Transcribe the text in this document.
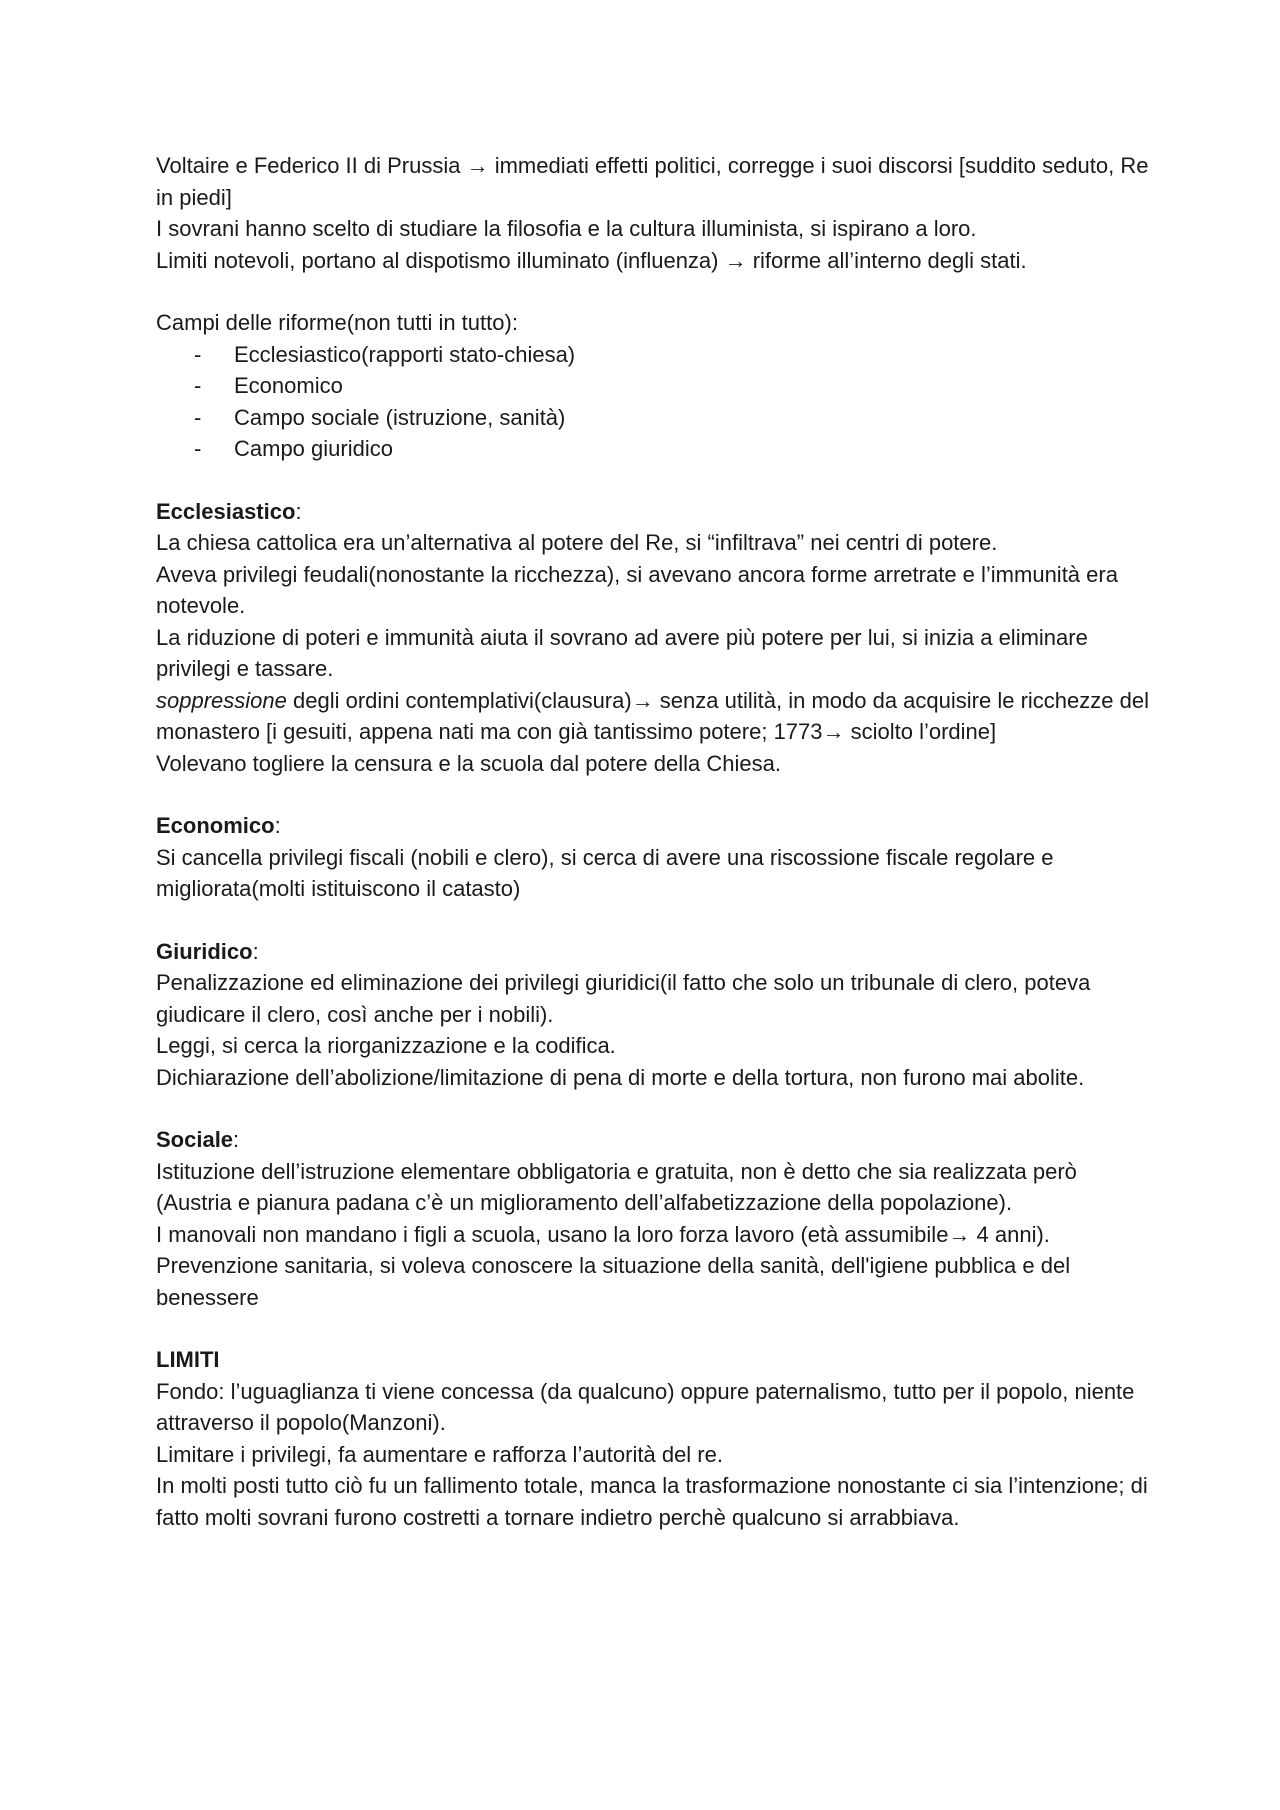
Voltaire e Federico II di Prussia → immediati effetti politici, corregge i suoi discorsi [suddito seduto, Re in piedi]

I sovrani hanno scelto di studiare la filosofia e la cultura illuminista, si ispirano a loro.

Limiti notevoli, portano al dispotismo illuminato (influenza) → riforme all’interno degli stati.

Campi delle riforme(non tutti in tutto):

- Ecclesiastico(rapporti stato-chiesa)
- Economico
- Campo sociale (istruzione, sanità)
- Campo giuridico

Ecclesiastico:

La chiesa cattolica era un’alternativa al potere del Re, si “infiltrava” nei centri di potere.

Aveva privilegi feudali(nonostante la ricchezza), si avevano ancora forme arretrate e l’immunità era notevole.

La riduzione di poteri e immunità aiuta il sovrano ad avere più potere per lui, si inizia a eliminare privilegi e tassare.

soppressione degli ordini contemplativi(clausura)→ senza utilità, in modo da acquisire le ricchezze del monastero [i gesuiti, appena nati ma con già tantissimo potere; 1773→ sciolto l’ordine]

Volevano togliere la censura e la scuola dal potere della Chiesa.

Economico:

Si cancella privilegi fiscali (nobili e clero), si cerca di avere una riscossione fiscale regolare e migliorata(molti istituiscono il catasto)

Giuridico:

Penalizzazione ed eliminazione dei privilegi giuridici(il fatto che solo un tribunale di clero, poteva giudicare il clero, così anche per i nobili).

Leggi, si cerca la riorganizzazione e la codifica.

Dichiarazione dell’abolizione/limitazione di pena di morte e della tortura, non furono mai abolite.

Sociale:

Istituzione dell’istruzione elementare obbligatoria e gratuita, non è detto che sia realizzata però (Austria e pianura padana c’è un miglioramento dell’alfabetizzazione della popolazione).

I manovali non mandano i figli a scuola, usano la loro forza lavoro (età assumibile→ 4 anni).

Prevenzione sanitaria, si voleva conoscere la situazione della sanità, dell'igiene pubblica e del benessere

LIMITI

Fondo: l’uguaglianza ti viene concessa (da qualcuno) oppure paternalismo, tutto per il popolo, niente attraverso il popolo(Manzoni).

Limitare i privilegi, fa aumentare e rafforza l’autorità del re.

In molti posti tutto ciò fu un fallimento totale, manca la trasformazione nonostante ci sia l’intenzione; di fatto molti sovrani furono costretti a tornare indietro perchè qualcuno si arrabbiava.
